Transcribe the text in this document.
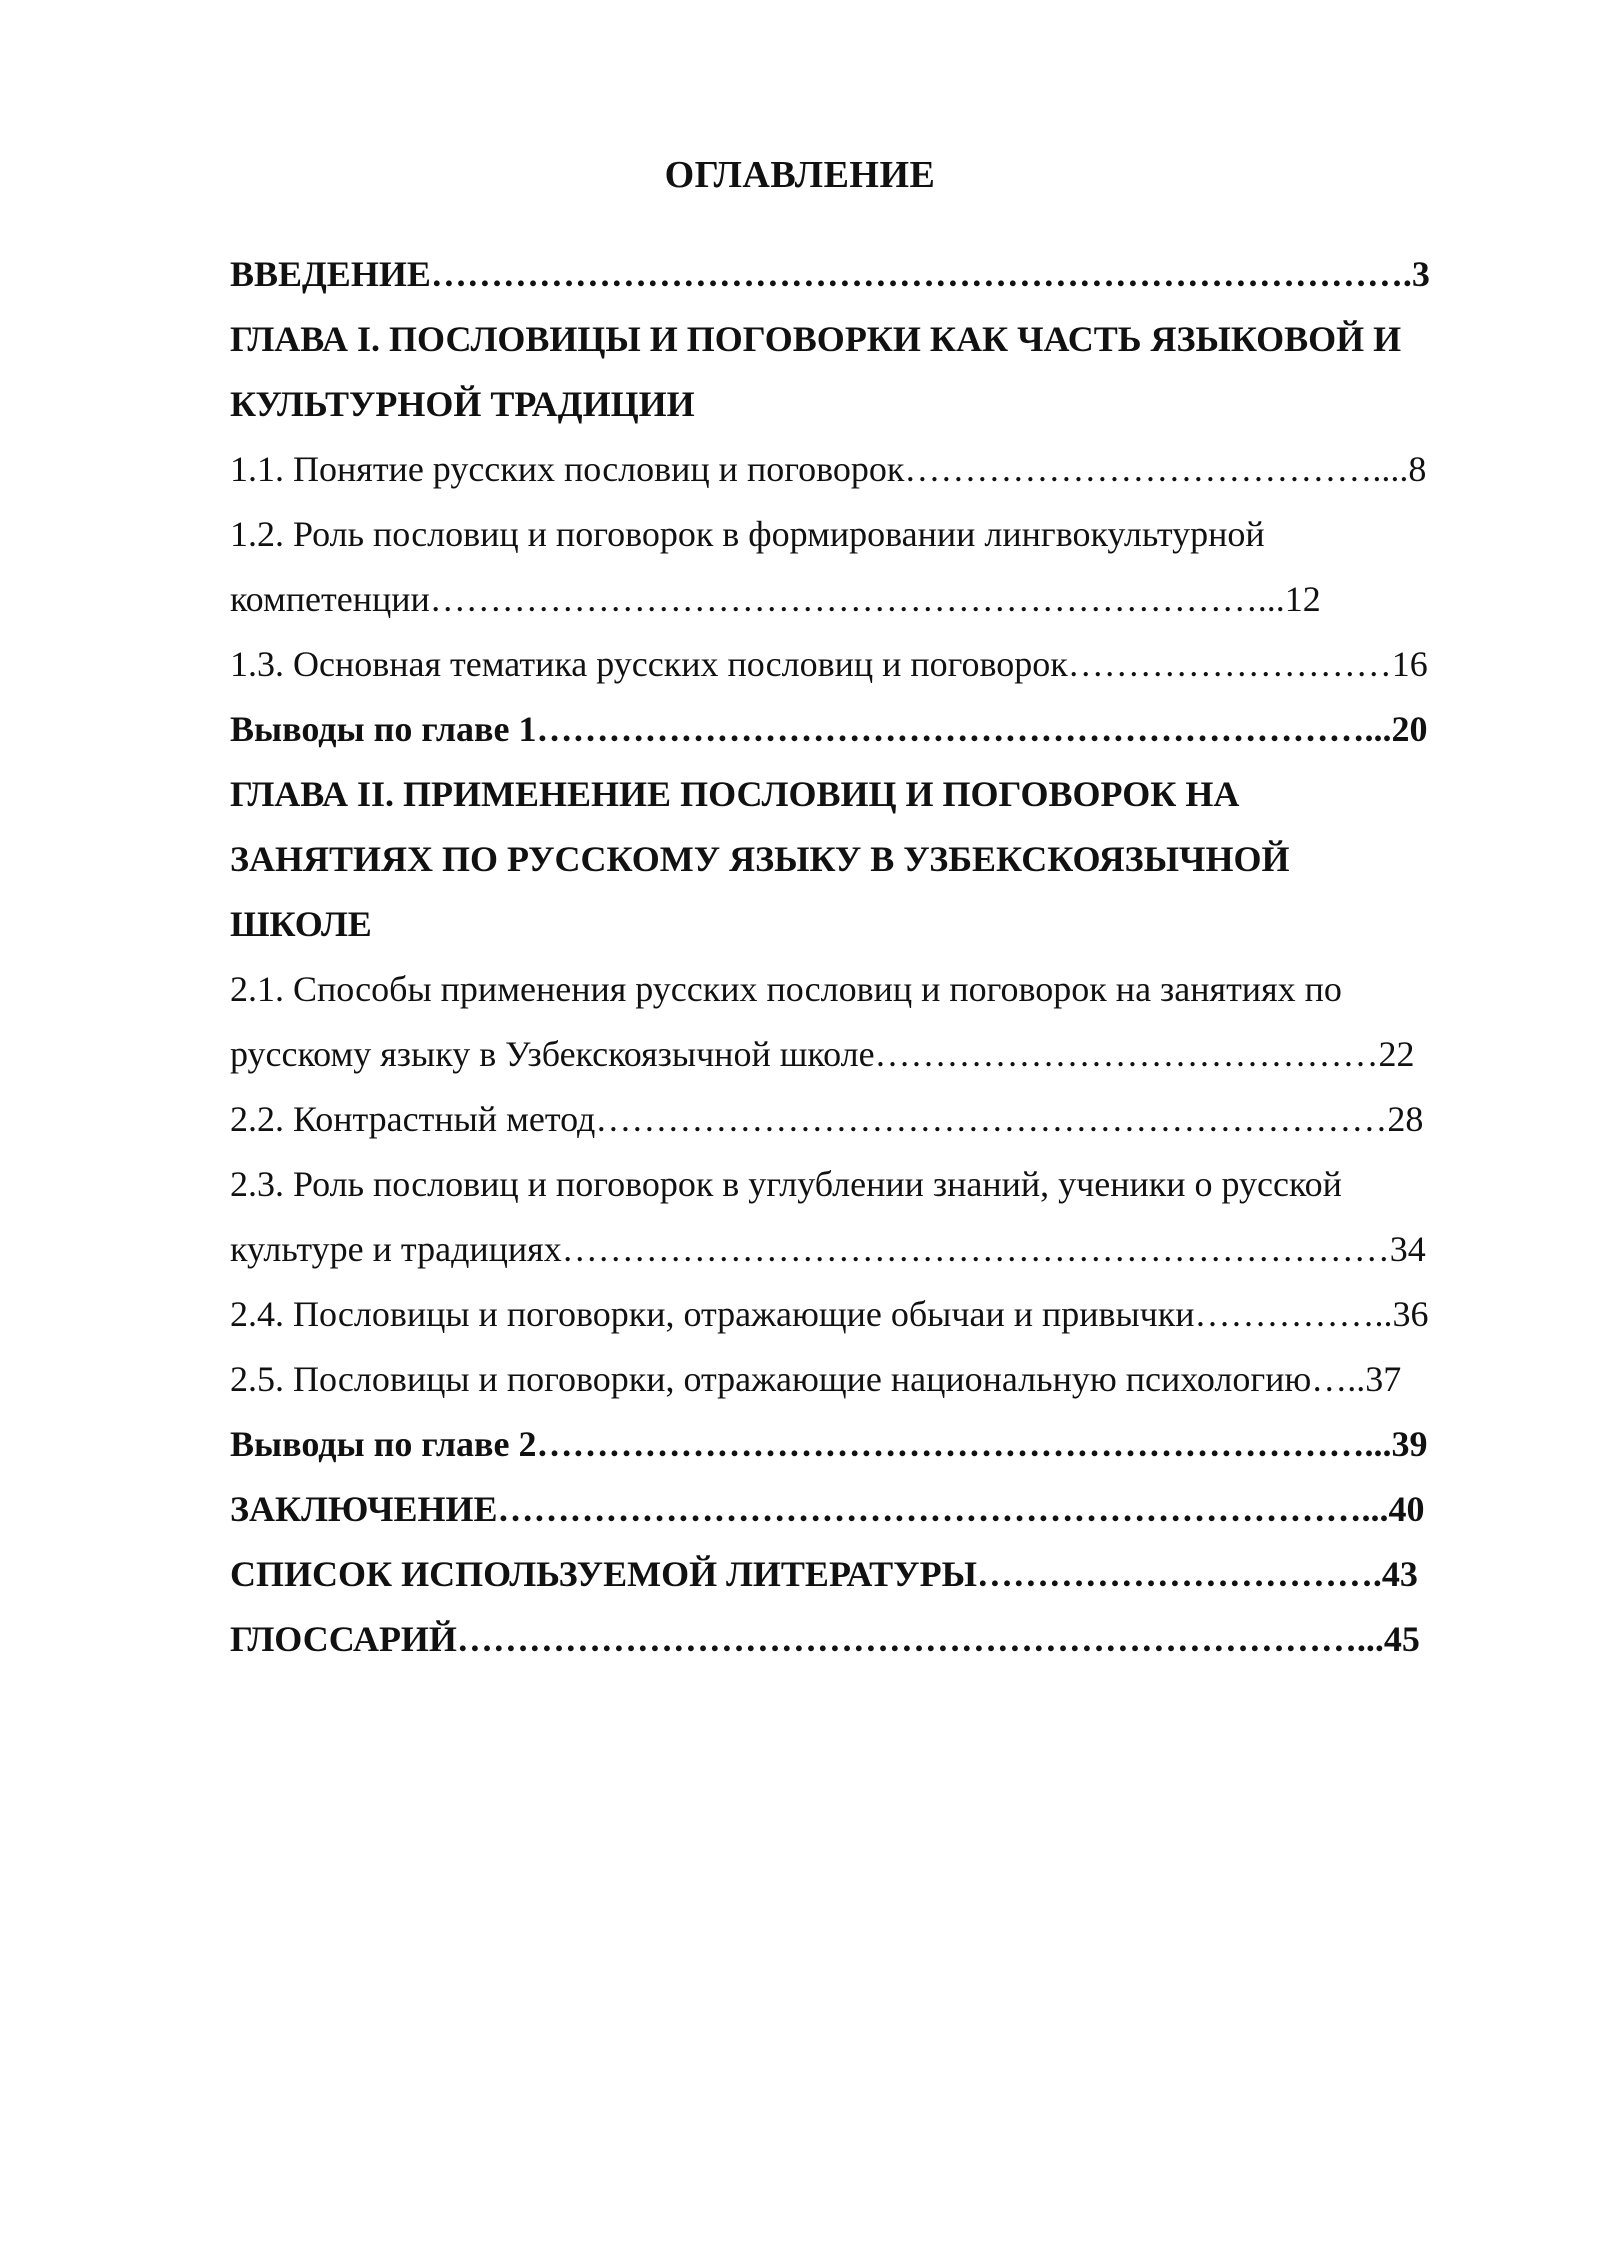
ОГЛАВЛЕНИЕ
ВВЕДЕНИЕ……………………………………………………………………….3
ГЛАВА I. ПОСЛОВИЦЫ И ПОГОВОРКИ КАК ЧАСТЬ ЯЗЫКОВОЙ И
КУЛЬТУРНОЙ ТРАДИЦИИ
1.1. Понятие русских пословиц и поговорок…………………………………....8
1.2. Роль пословиц и поговорок в формировании лингвокультурной
компетенции……………………………………………………………...12
1.3. Основная тематика русских пословиц и поговорок………………………16
Выводы по главе 1……………………………………………………………...20
ГЛАВА II. ПРИМЕНЕНИЕ ПОСЛОВИЦ И ПОГОВОРОК НА
ЗАНЯТИЯХ ПО РУССКОМУ ЯЗЫКУ В УЗБЕКСКОЯЗЫЧНОЙ
ШКОЛЕ
2.1. Способы применения русских пословиц и поговорок на занятиях по
русскому языку в Узбекскоязычной школе……………………………………22
2.2. Контрастный метод…………………………………………………………28
2.3. Роль пословиц и поговорок в углублении знаний, ученики о русской
культуре и традициях……………………………………………………………34
2.4. Пословицы и поговорки, отражающие обычаи и привычки……………..36
2.5. Пословицы и поговорки, отражающие национальную психологию…..37
Выводы по главе 2……………………………………………………………...39
ЗАКЛЮЧЕНИЕ………………………………………………………………...40
СПИСОК ИСПОЛЬЗУЕМОЙ ЛИТЕРАТУРЫ…………………………….43
ГЛОССАРИЙ…………………………………………………………………...45
